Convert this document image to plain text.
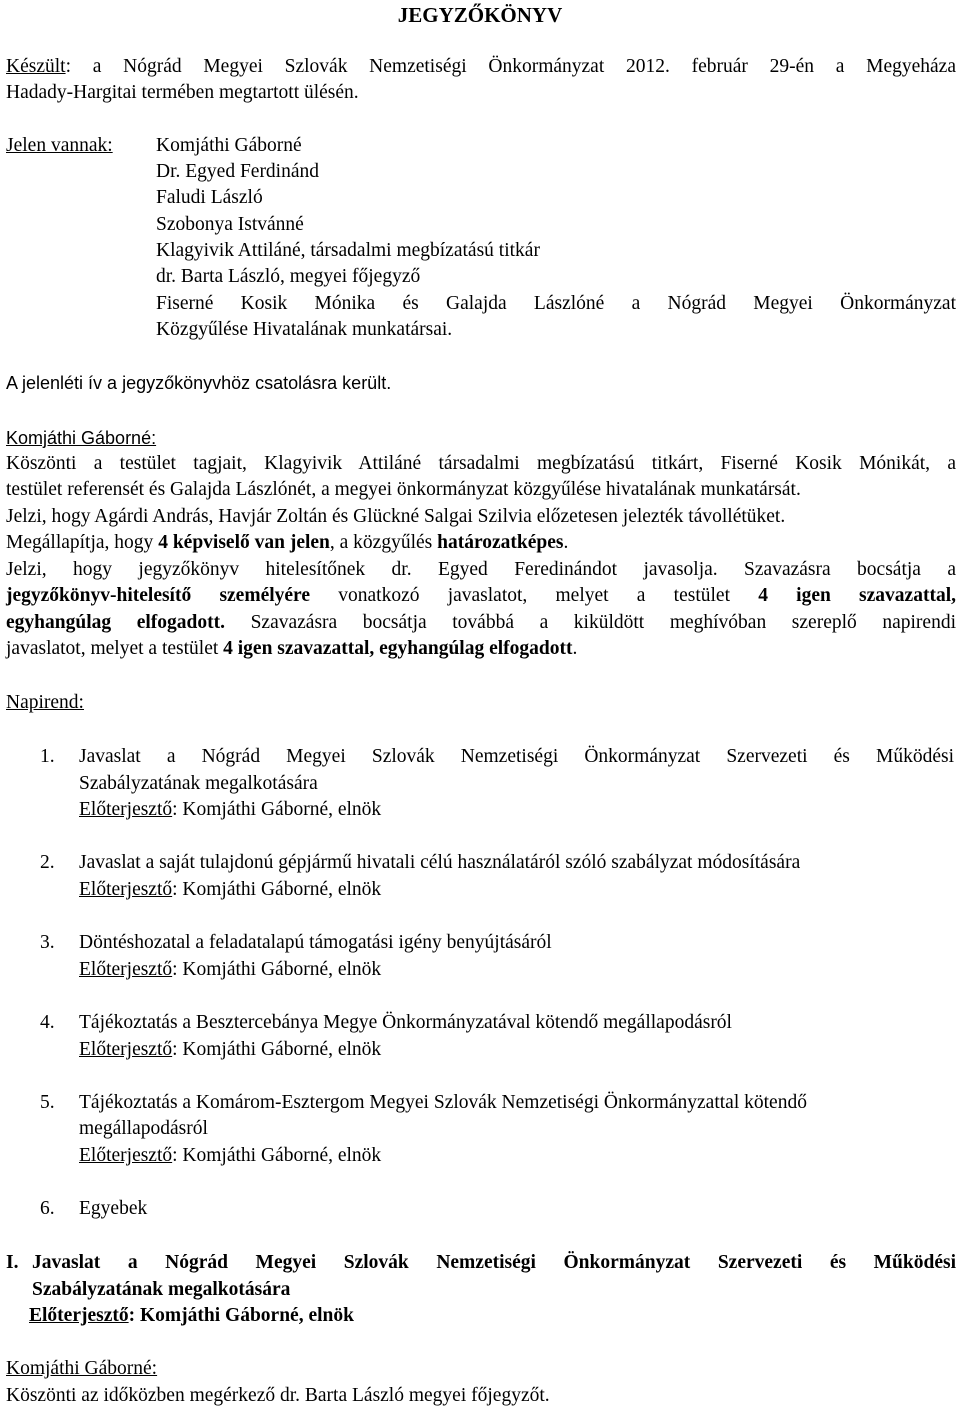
JEGYZŐKÖNYV
Készült: a Nógrád Megyei Szlovák Nemzetiségi Önkormányzat 2012. február 29-én a Megyeháza
Hadady-Hargitai termében megtartott ülésén.
Jelen vannak:	Komjáthi Gáborné
Dr. Egyed Ferdinánd
Faludi László
Szobonya Istvánné
Klagyivik Attiláné, társadalmi megbízatású titkár
dr. Barta László, megyei főjegyző
Fiserné Kosik Mónika és Galajda Lászlóné a Nógrád Megyei Önkormányzat
Közgyűlése Hivatalának munkatársai.
A jelenléti ív a jegyzőkönyvhöz csatolásra került.
Komjáthi Gáborné:
Köszönti a testület tagjait, Klagyivik Attiláné társadalmi megbízatású titkárt, Fiserné Kosik Mónikát, a
testület referensét és Galajda Lászlónét, a megyei önkormányzat közgyűlése hivatalának munkatársát.
Jelzi, hogy Agárdi András, Havjár Zoltán és Glückné Salgai Szilvia előzetesen jelezték távollétüket.
Megállapítja, hogy 4 képviselő van jelen, a közgyűlés határozatképes.
Jelzi, hogy jegyzőkönyv hitelesítőnek dr. Egyed Feredinándot javasolja. Szavazásra bocsátja a
jegyzőkönyv-hitelesítő személyére vonatkozó javaslatot, melyet a testület 4 igen szavazattal,
egyhangúlag elfogadott. Szavazásra bocsátja továbbá a kiküldött meghívóban szereplő napirendi
javaslatot, melyet a testület 4 igen szavazattal, egyhangúlag elfogadott.
Napirend:
1. Javaslat a Nógrád Megyei Szlovák Nemzetiségi Önkormányzat Szervezeti és Működési
Szabályzatának megalkotására
Előterjesztő: Komjáthi Gáborné, elnök
2. Javaslat a saját tulajdonú gépjármű hivatali célú használatáról szóló szabályzat módosítására
Előterjesztő: Komjáthi Gáborné, elnök
3. Döntéshozatal a feladatalapú támogatási igény benyújtásáról
Előterjesztő: Komjáthi Gáborné, elnök
4. Tájékoztatás a Besztercebánya Megye Önkormányzatával kötendő megállapodásról
Előterjesztő: Komjáthi Gáborné, elnök
5. Tájékoztatás a Komárom-Esztergom Megyei Szlovák Nemzetiségi Önkormányzattal kötendő
megállapodásról
Előterjesztő: Komjáthi Gáborné, elnök
6. Egyebek
I. Javaslat a Nógrád Megyei Szlovák Nemzetiségi Önkormányzat Szervezeti és Működési
Szabályzatának megalkotására
Előterjesztő: Komjáthi Gáborné, elnök
Komjáthi Gáborné:
Köszönti az időközben megérkező dr. Barta László megyei főjegyzőt.
